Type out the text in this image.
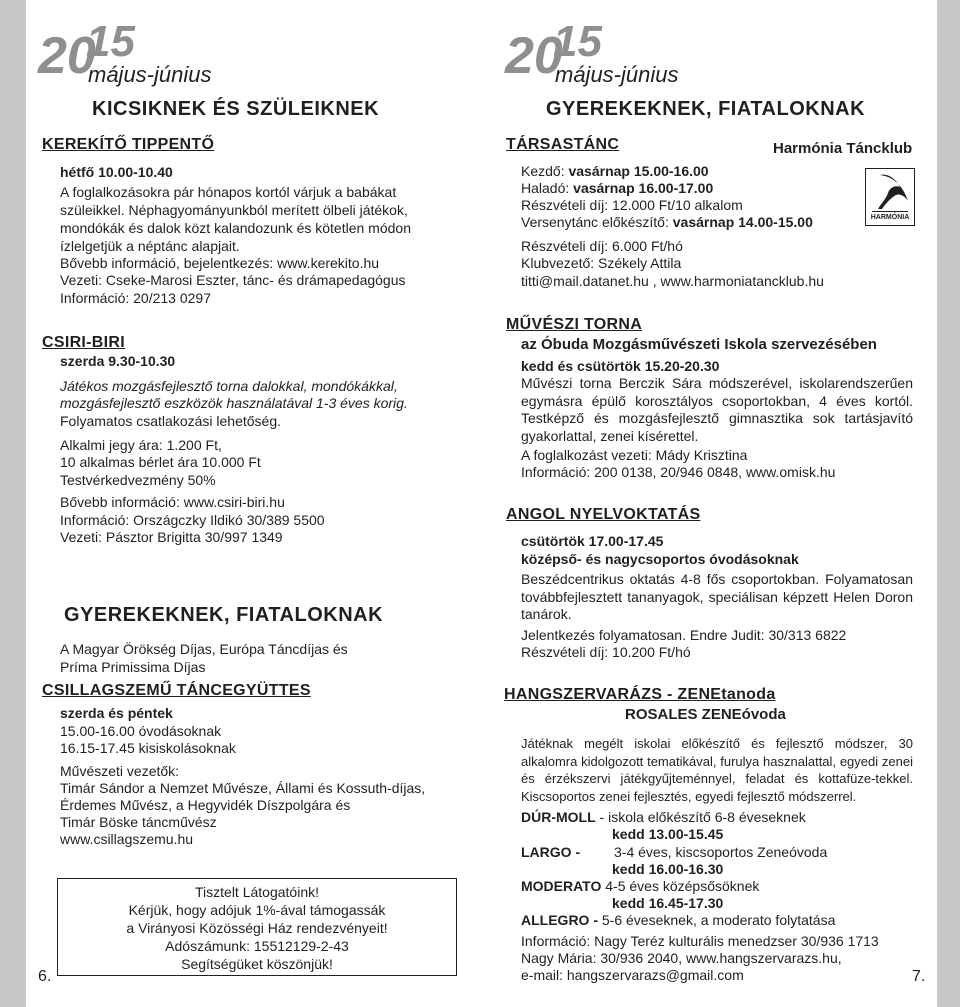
20
15
május-június
KICSIKNEK ÉS SZÜLEIKNEK
KEREKÍTŐ TIPPENTŐ
hétfő 10.00-10.40
A foglalkozásokra pár hónapos kortól várjuk a babákat
szüleikkel. Néphagyományunkból merített ölbeli játékok,
mondókák és dalok közt kalandozunk és kötetlen módon
ízlelgetjük a néptánc alapjait.
Bővebb információ, bejelentkezés: www.kerekito.hu
Vezeti: Cseke-Marosi Eszter, tánc- és drámapedagógus
Információ: 20/213 0297
CSIRI-BIRI
szerda 9.30-10.30
Játékos mozgásfejlesztő torna dalokkal, mondókákkal,
mozgásfejlesztő eszközök használatával 1-3 éves korig.
Folyamatos csatlakozási lehetőség.
Alkalmi jegy ára: 1.200 Ft,
10 alkalmas bérlet ára 10.000 Ft
Testvérkedvezmény 50%
Bővebb információ: www.csiri-biri.hu
Információ: Országczky Ildikó 30/389 5500
Vezeti: Pásztor Brigitta 30/997 1349
GYEREKEKNEK, FIATALOKNAK
A Magyar Örökség Díjas, Európa Táncdíjas és
Príma Primissima Díjas
CSILLAGSZEMŰ TÁNCEGYÜTTES
szerda és péntek
15.00-16.00 óvodásoknak
16.15-17.45 kisiskolásoknak
Művészeti vezetők:
Timár Sándor a Nemzet Művésze, Állami és Kossuth-díjas,
Érdemes Művész, a Hegyvidék Díszpolgára és
Timár Böske táncművész
www.csillagszemu.hu
Tisztelt Látogatóink!
Kérjük, hogy adójuk 1%-ával támogassák
a Virányosi Közösségi Ház rendezvényeit!
Adószámunk: 15512129-2-43
Segítségüket köszönjük!
6.
20
15
május-június
GYEREKEKNEK, FIATALOKNAK
TÁRSASTÁNC	Harmónia Táncklub
Kezdő: vasárnap 15.00-16.00
Haladó: vasárnap 16.00-17.00
Részvételi díj: 12.000 Ft/10 alkalom
Versenytánc előkészítő: vasárnap 14.00-15.00
Részvételi díj: 6.000 Ft/hó
Klubvezető: Székely Attila
titti@mail.datanet.hu , www.harmoniatancklub.hu
HARMÓNIA
MŰVÉSZI TORNA
az Óbuda Mozgásművészeti Iskola szervezésében
kedd és csütörtök 15.20-20.30
Művészi torna Berczik Sára módszerével, iskolarendszerűen egymásra épülő korosztályos csoportokban, 4 éves kortól. Testképző és mozgásfejlesztő gimnasztika sok tartásjavító gyakorlattal, zenei kísérettel.
A foglalkozást vezeti: Mády Krisztina
Információ: 200 0138, 20/946 0848, www.omisk.hu
ANGOL NYELVOKTATÁS
csütörtök 17.00-17.45
középső- és nagycsoportos óvodásoknak
Beszédcentrikus oktatás 4-8 fős csoportokban. Folyamatosan továbbfejlesztett tananyagok, speciálisan képzett Helen Doron tanárok.
Jelentkezés folyamatosan. Endre Judit: 30/313 6822
Részvételi díj: 10.200 Ft/hó
HANGSZERVARÁZS - ZENEtanoda
ROSALES ZENEóvoda
Játéknak megélt iskolai előkészítő és fejlesztő módszer, 30 alkalomra kidolgozott tematikával, furulya hasznalattal, egyedi zenei és érzékszervi játékgyűjteménnyel, feladat és kottafüze-tekkel. Kiscsoportos zenei fejlesztés, egyedi fejlesztő módszerrel.
DÚR-MOLL - iskola előkészítő 6-8 éveseknek
kedd 13.00-15.45
LARGO - 3-4 éves, kiscsoportos Zeneóvoda
kedd 16.00-16.30
MODERATO 4-5 éves középsősöknek
kedd 16.45-17.30
ALLEGRO - 5-6 éveseknek, a moderato folytatása
Információ: Nagy Teréz kulturális menedzser 30/936 1713
Nagy Mária: 30/936 2040, www.hangszervarazs.hu,
e-mail: hangszervarazs@gmail.com	7.
